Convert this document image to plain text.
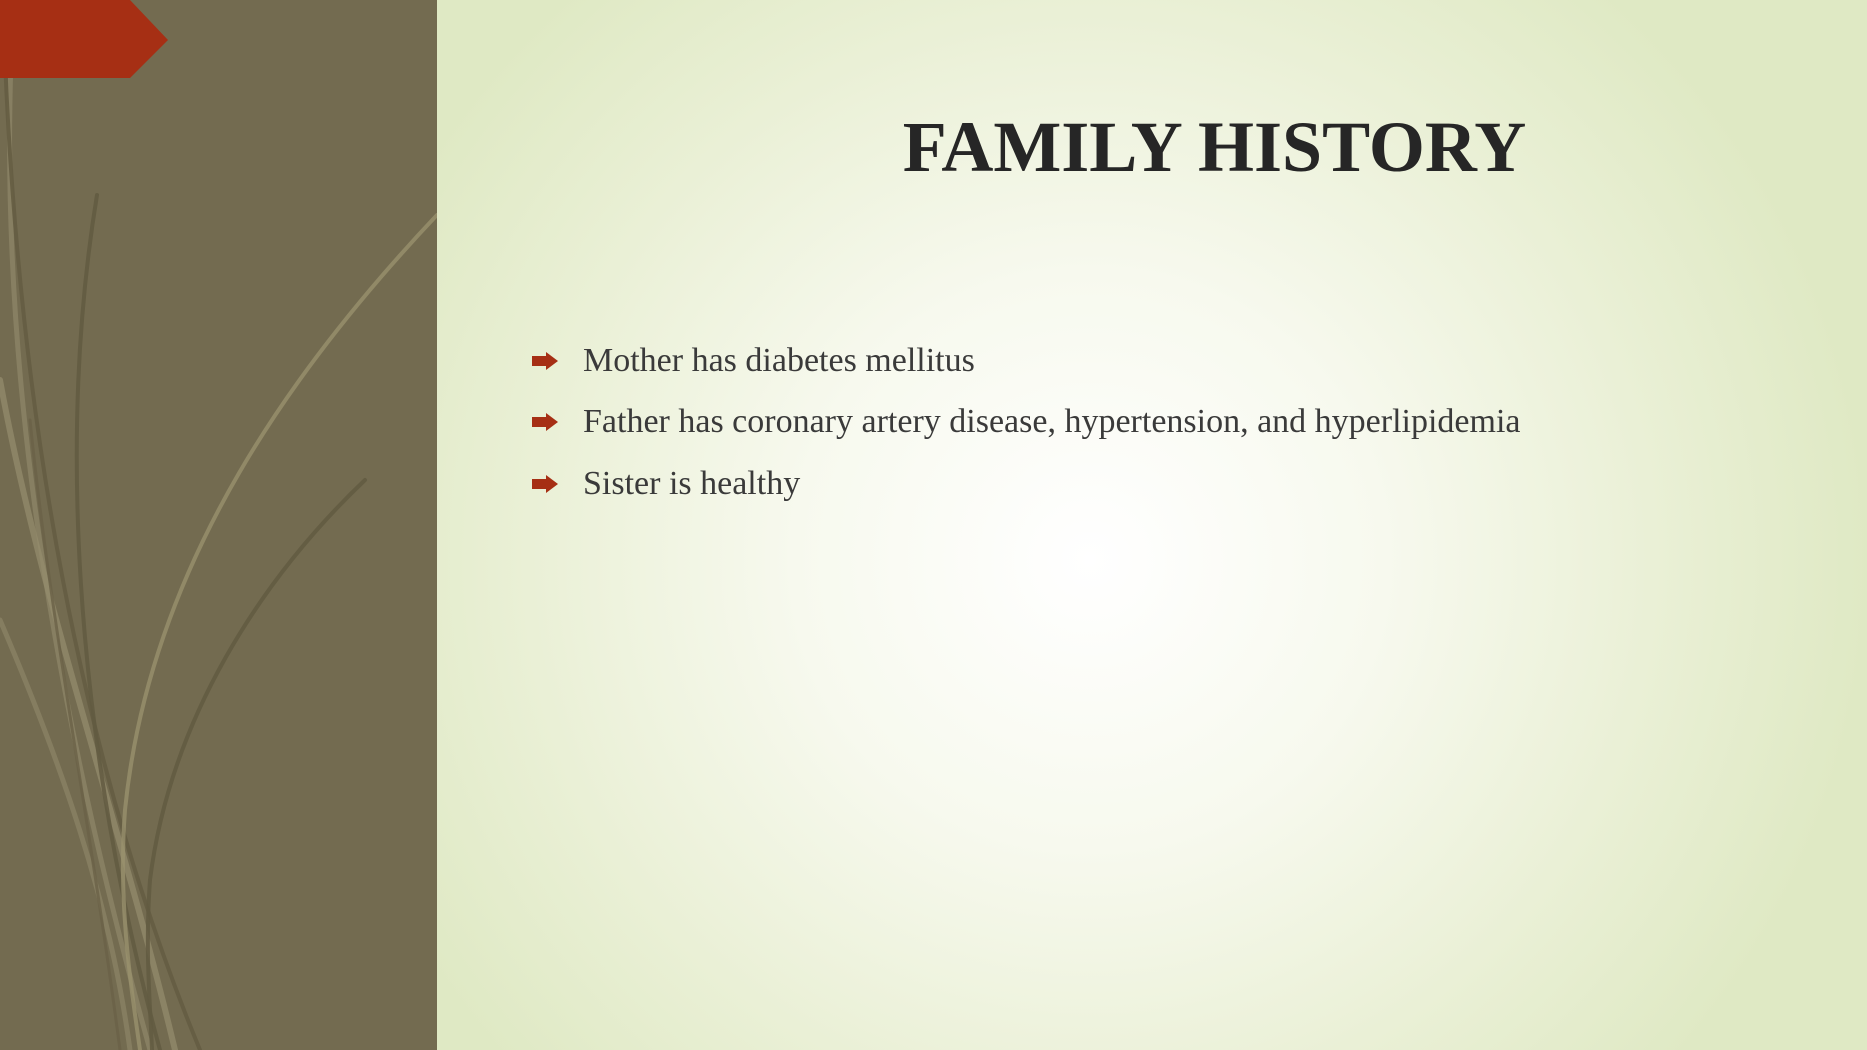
FAMILY HISTORY
Mother has diabetes mellitus
Father has coronary artery disease, hypertension, and hyperlipidemia
Sister is healthy
